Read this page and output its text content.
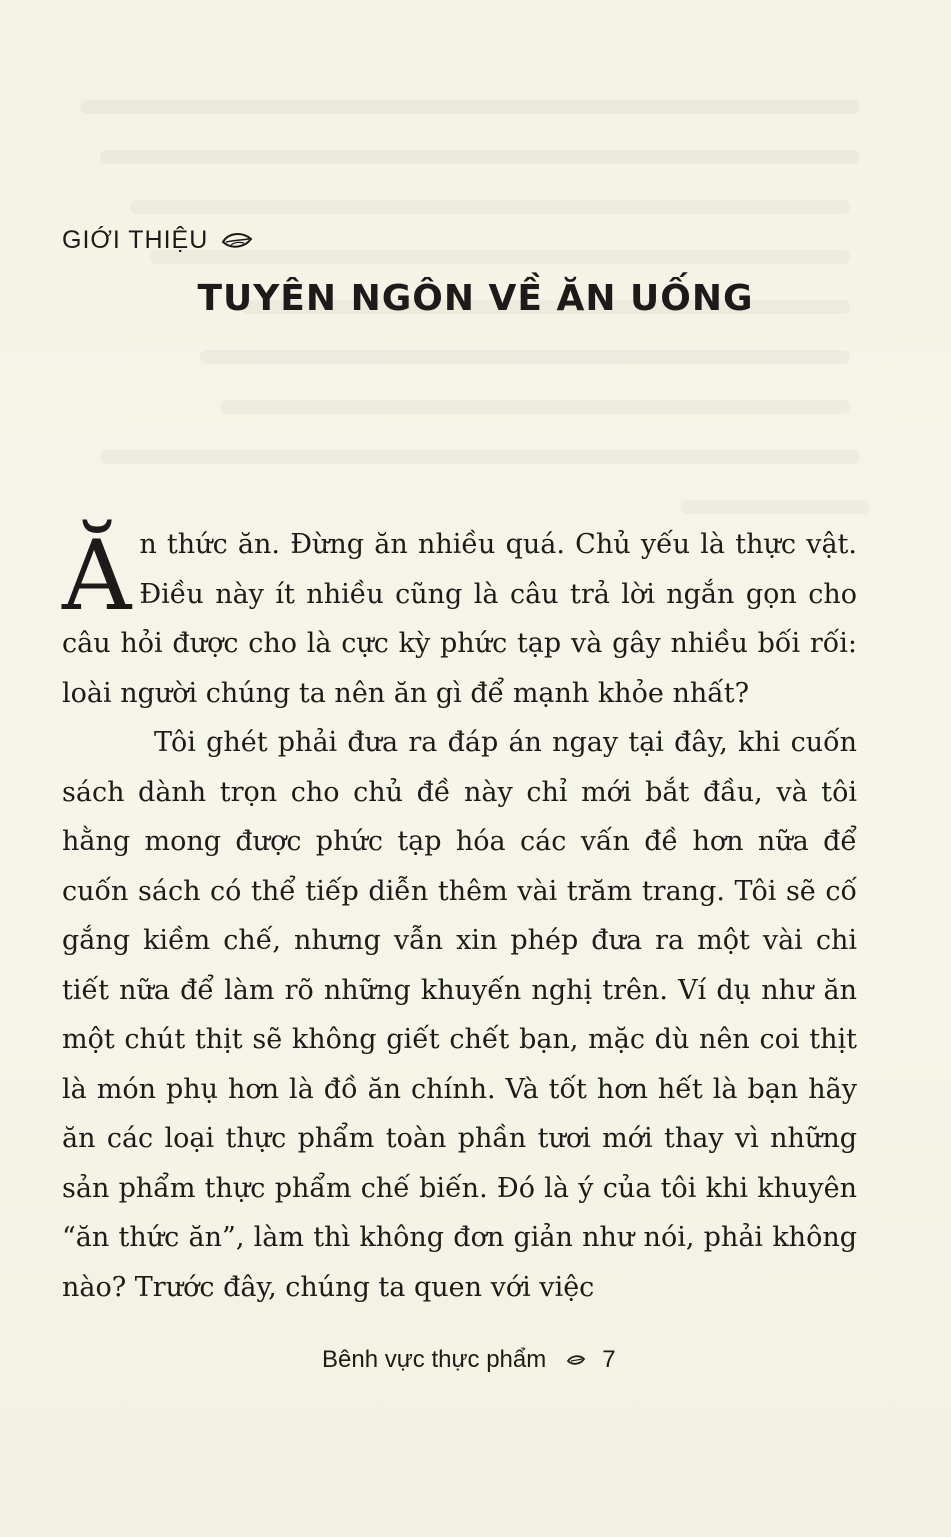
GIỚI THIỆU
TUYÊN NGÔN VỀ ĂN UỐNG

Ă n thức ăn. Đừng ăn nhiều quá. Chủ yếu là thực vật. Điều này ít nhiều cũng là câu trả lời ngắn gọn cho câu hỏi được cho là cực kỳ phức tạp và gây nhiều bối rối: loài người chúng ta nên ăn gì để mạnh khỏe nhất?

Tôi ghét phải đưa ra đáp án ngay tại đây, khi cuốn sách dành trọn cho chủ đề này chỉ mới bắt đầu, và tôi hằng mong được phức tạp hóa các vấn đề hơn nữa để cuốn sách có thể tiếp diễn thêm vài trăm trang. Tôi sẽ cố gắng kiềm chế, nhưng vẫn xin phép đưa ra một vài chi tiết nữa để làm rõ những khuyến nghị trên. Ví dụ như ăn một chút thịt sẽ không giết chết bạn, mặc dù nên coi thịt là món phụ hơn là đồ ăn chính. Và tốt hơn hết là bạn hãy ăn các loại thực phẩm toàn phần tươi mới thay vì những sản phẩm thực phẩm chế biến. Đó là ý của tôi khi khuyên “ăn thức ăn”, làm thì không đơn giản như nói, phải không nào? Trước đây, chúng ta quen với việc

Bênh vực thực phẩm 7
